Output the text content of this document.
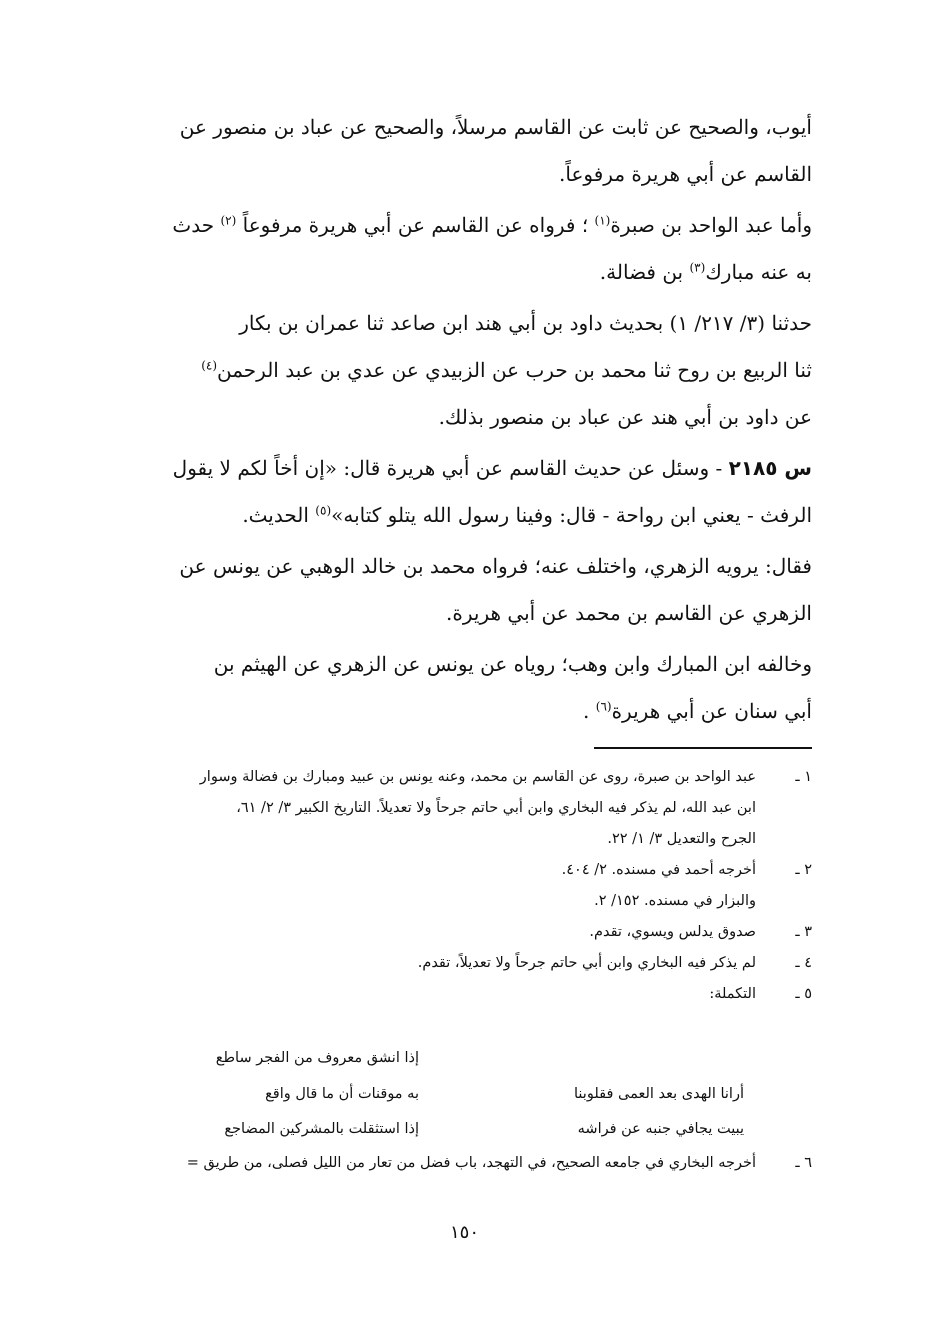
أيوب، والصحيح عن ثابت عن القاسم مرسلاً، والصحيح عن عباد بن منصور عن
القاسم عن أبي هريرة مرفوعاً.
وأما عبد الواحد بن صبرة$^{(١)}$ ؛ فرواه عن القاسم عن أبي هريرة مرفوعاً $^{(٢)}$ حدث
به عنه مبارك$^{(٣)}$ بن فضالة.
حدثنا (٣/ ٢١٧/ ١) بحديث داود بن أبي هند ابن صاعد ثنا عمران بن بكار
ثنا الربيع بن روح ثنا محمد بن حرب عن الزبيدي عن عدي بن عبد الرحمن$^{(٤)}$
عن داود بن أبي هند عن عباد بن منصور بذلك.
س ٢١٨٥ - وسئل عن حديث القاسم عن أبي هريرة قال: «إن أخاً لكم لا يقول
الرفث - يعني ابن رواحة - قال: وفينا رسول الله يتلو كتابه»$^{(٥)}$ الحديث.
فقال: يرويه الزهري، واختلف عنه؛ فرواه محمد بن خالد الوهبي عن يونس عن
الزهري عن القاسم بن محمد عن أبي هريرة.
وخالفه ابن المبارك وابن وهب؛ روياه عن يونس عن الزهري عن الهيثم بن
أبي سنان عن أبي هريرة$^{(٦)}$ .
١ ـ
عبد الواحد بن صبرة، روى عن القاسم بن محمد، وعنه يونس بن عبيد ومبارك بن فضالة وسوار
ابن عبد الله، لم يذكر فيه البخاري وابن أبي حاتم جرحاً ولا تعديلاً. التاريخ الكبير ٣/ ٢/ ٦١،
الجرح والتعديل ٣/ ١/ ٢٢.
٢ ـ
أخرجه أحمد في مسنده. ٢/ ٤٠٤.
والبزار في مسنده. ١٥٢/ ٢.
٣ ـ
صدوق يدلس ويسوي، تقدم.
٤ ـ
لم يذكر فيه البخاري وابن أبي حاتم جرحاً ولا تعديلاً، تقدم.
٥ ـ
التكملة:
إذا انشق معروف من الفجر ساطع
أرانا الهدى بعد العمى فقلوبنا
به موقنات أن ما قال واقع
يبيت يجافي جنبه عن فراشه
إذا استثقلت بالمشركين المضاجع
٦ ـ
أخرجه البخاري في جامعه الصحيح، في التهجد، باب فضل من تعار من الليل فصلى، من طريق =
١٥٠
